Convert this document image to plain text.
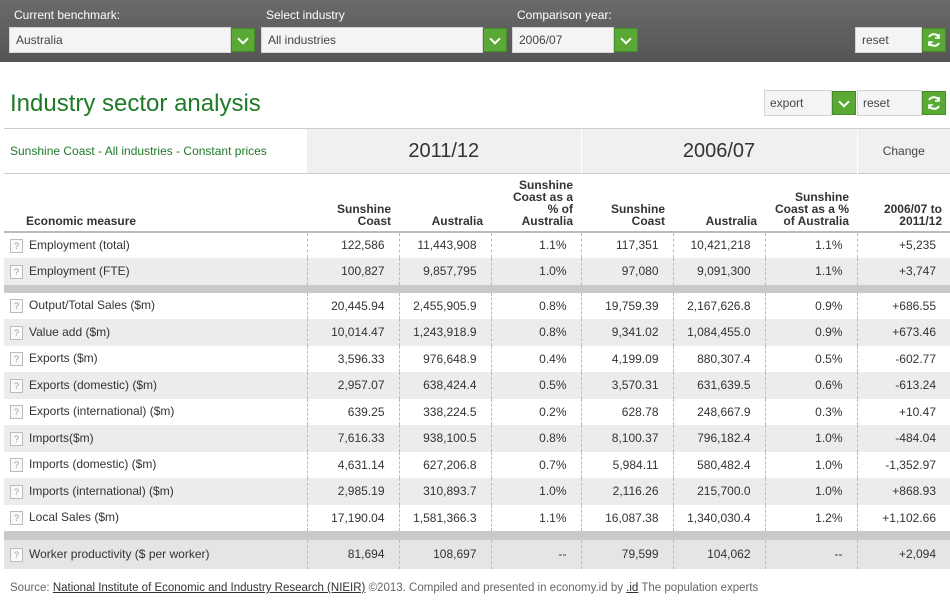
Current benchmark:
Australia
Select industry
All industries
Comparison year:
2006/07	reset
Industry sector analysis	export	reset
Sunshine Coast - All industries - Constant prices	2011/12			2006/07			Change
Economic measure	Sunshine Coast	Australia	Sunshine Coast as a % of Australia	Sunshine Coast	Australia	Sunshine Coast as a % of Australia	2006/07 to 2011/12
? Employment (total)	122,586	11,443,908	1.1%	117,351	10,421,218	1.1%	+5,235
? Employment (FTE)	100,827	9,857,795	1.0%	97,080	9,091,300	1.1%	+3,747

? Output/Total Sales ($m)	20,445.94	2,455,905.9	0.8%	19,759.39	2,167,626.8	0.9%	+686.55
? Value add ($m)	10,014.47	1,243,918.9	0.8%	9,341.02	1,084,455.0	0.9%	+673.46
? Exports ($m)	3,596.33	976,648.9	0.4%	4,199.09	880,307.4	0.5%	-602.77
? Exports (domestic) ($m)	2,957.07	638,424.4	0.5%	3,570.31	631,639.5	0.6%	-613.24
? Exports (international) ($m)	639.25	338,224.5	0.2%	628.78	248,667.9	0.3%	+10.47
? Imports($m)	7,616.33	938,100.5	0.8%	8,100.37	796,182.4	1.0%	-484.04
? Imports (domestic) ($m)	4,631.14	627,206.8	0.7%	5,984.11	580,482.4	1.0%	-1,352.97
? Imports (international) ($m)	2,985.19	310,893.7	1.0%	2,116.26	215,700.0	1.0%	+868.93
? Local Sales ($m)	17,190.04	1,581,366.3	1.1%	16,087.38	1,340,030.4	1.2%	+1,102.66

? Worker productivity ($ per worker)	81,694	108,697	--	79,599	104,062	--	+2,094
Source: National Institute of Economic and Industry Research (NIEIR) ©2013. Compiled and presented in economy.id by .id The population experts
